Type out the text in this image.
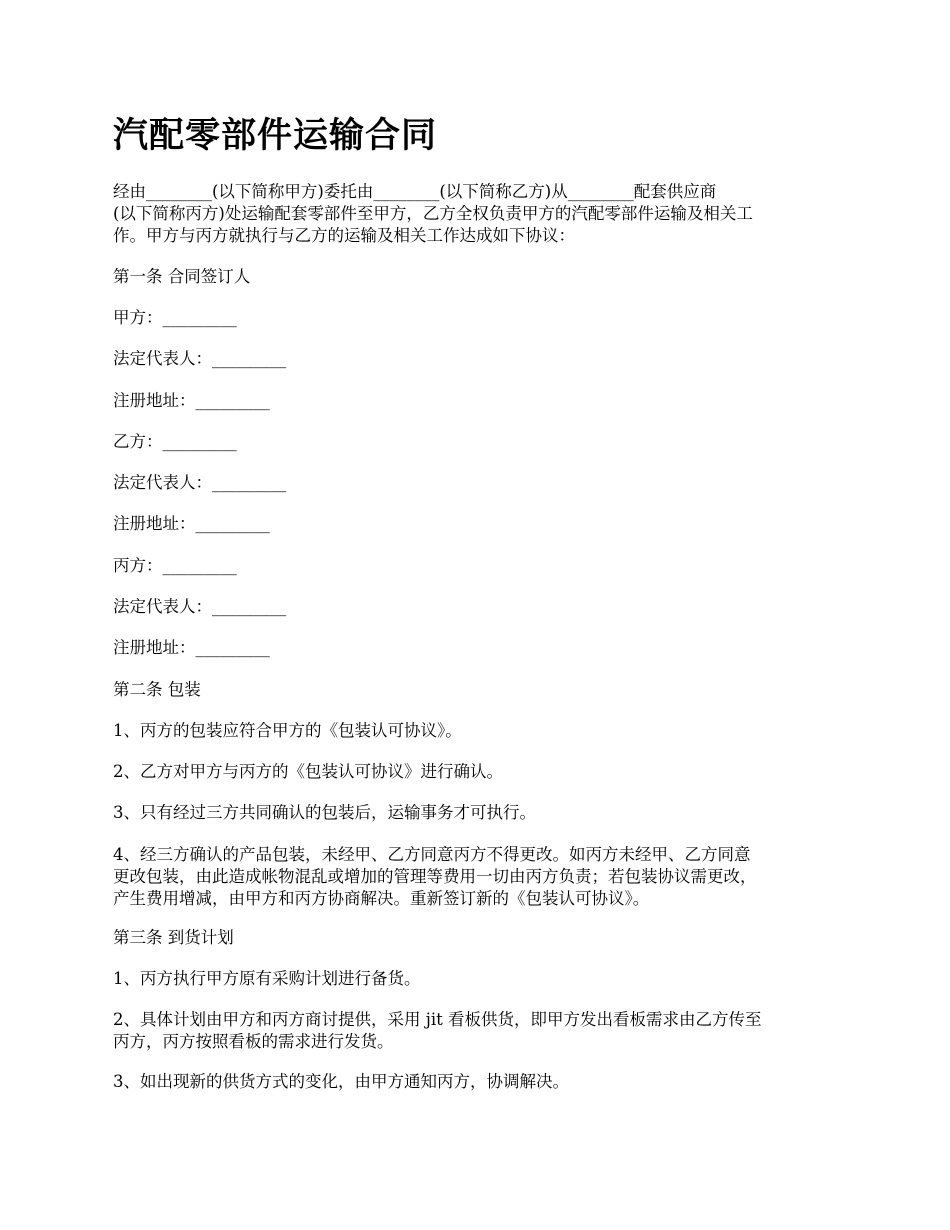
汽配零部件运输合同
经由________(以下简称甲方)委托由________(以下简称乙方)从________配套供应商
(以下简称丙方)处运输配套零部件至甲方，乙方全权负责甲方的汽配零部件运输及相关工
作。甲方与丙方就执行与乙方的运输及相关工作达成如下协议：
第一条 合同签订人
甲方：_________
法定代表人：_________
注册地址：_________
乙方：_________
法定代表人：_________
注册地址：_________
丙方：_________
法定代表人：_________
注册地址：_________
第二条 包装
1、丙方的包装应符合甲方的《包装认可协议》。
2、乙方对甲方与丙方的《包装认可协议》进行确认。
3、只有经过三方共同确认的包装后，运输事务才可执行。
4、经三方确认的产品包装，未经甲、乙方同意丙方不得更改。如丙方未经甲、乙方同意
更改包装，由此造成帐物混乱或增加的管理等费用一切由丙方负责；若包装协议需更改，
产生费用增减，由甲方和丙方协商解决。重新签订新的《包装认可协议》。
第三条 到货计划
1、丙方执行甲方原有采购计划进行备货。
2、具体计划由甲方和丙方商讨提供，采用 jit 看板供货，即甲方发出看板需求由乙方传至
丙方，丙方按照看板的需求进行发货。
3、如出现新的供货方式的变化，由甲方通知丙方，协调解决。
